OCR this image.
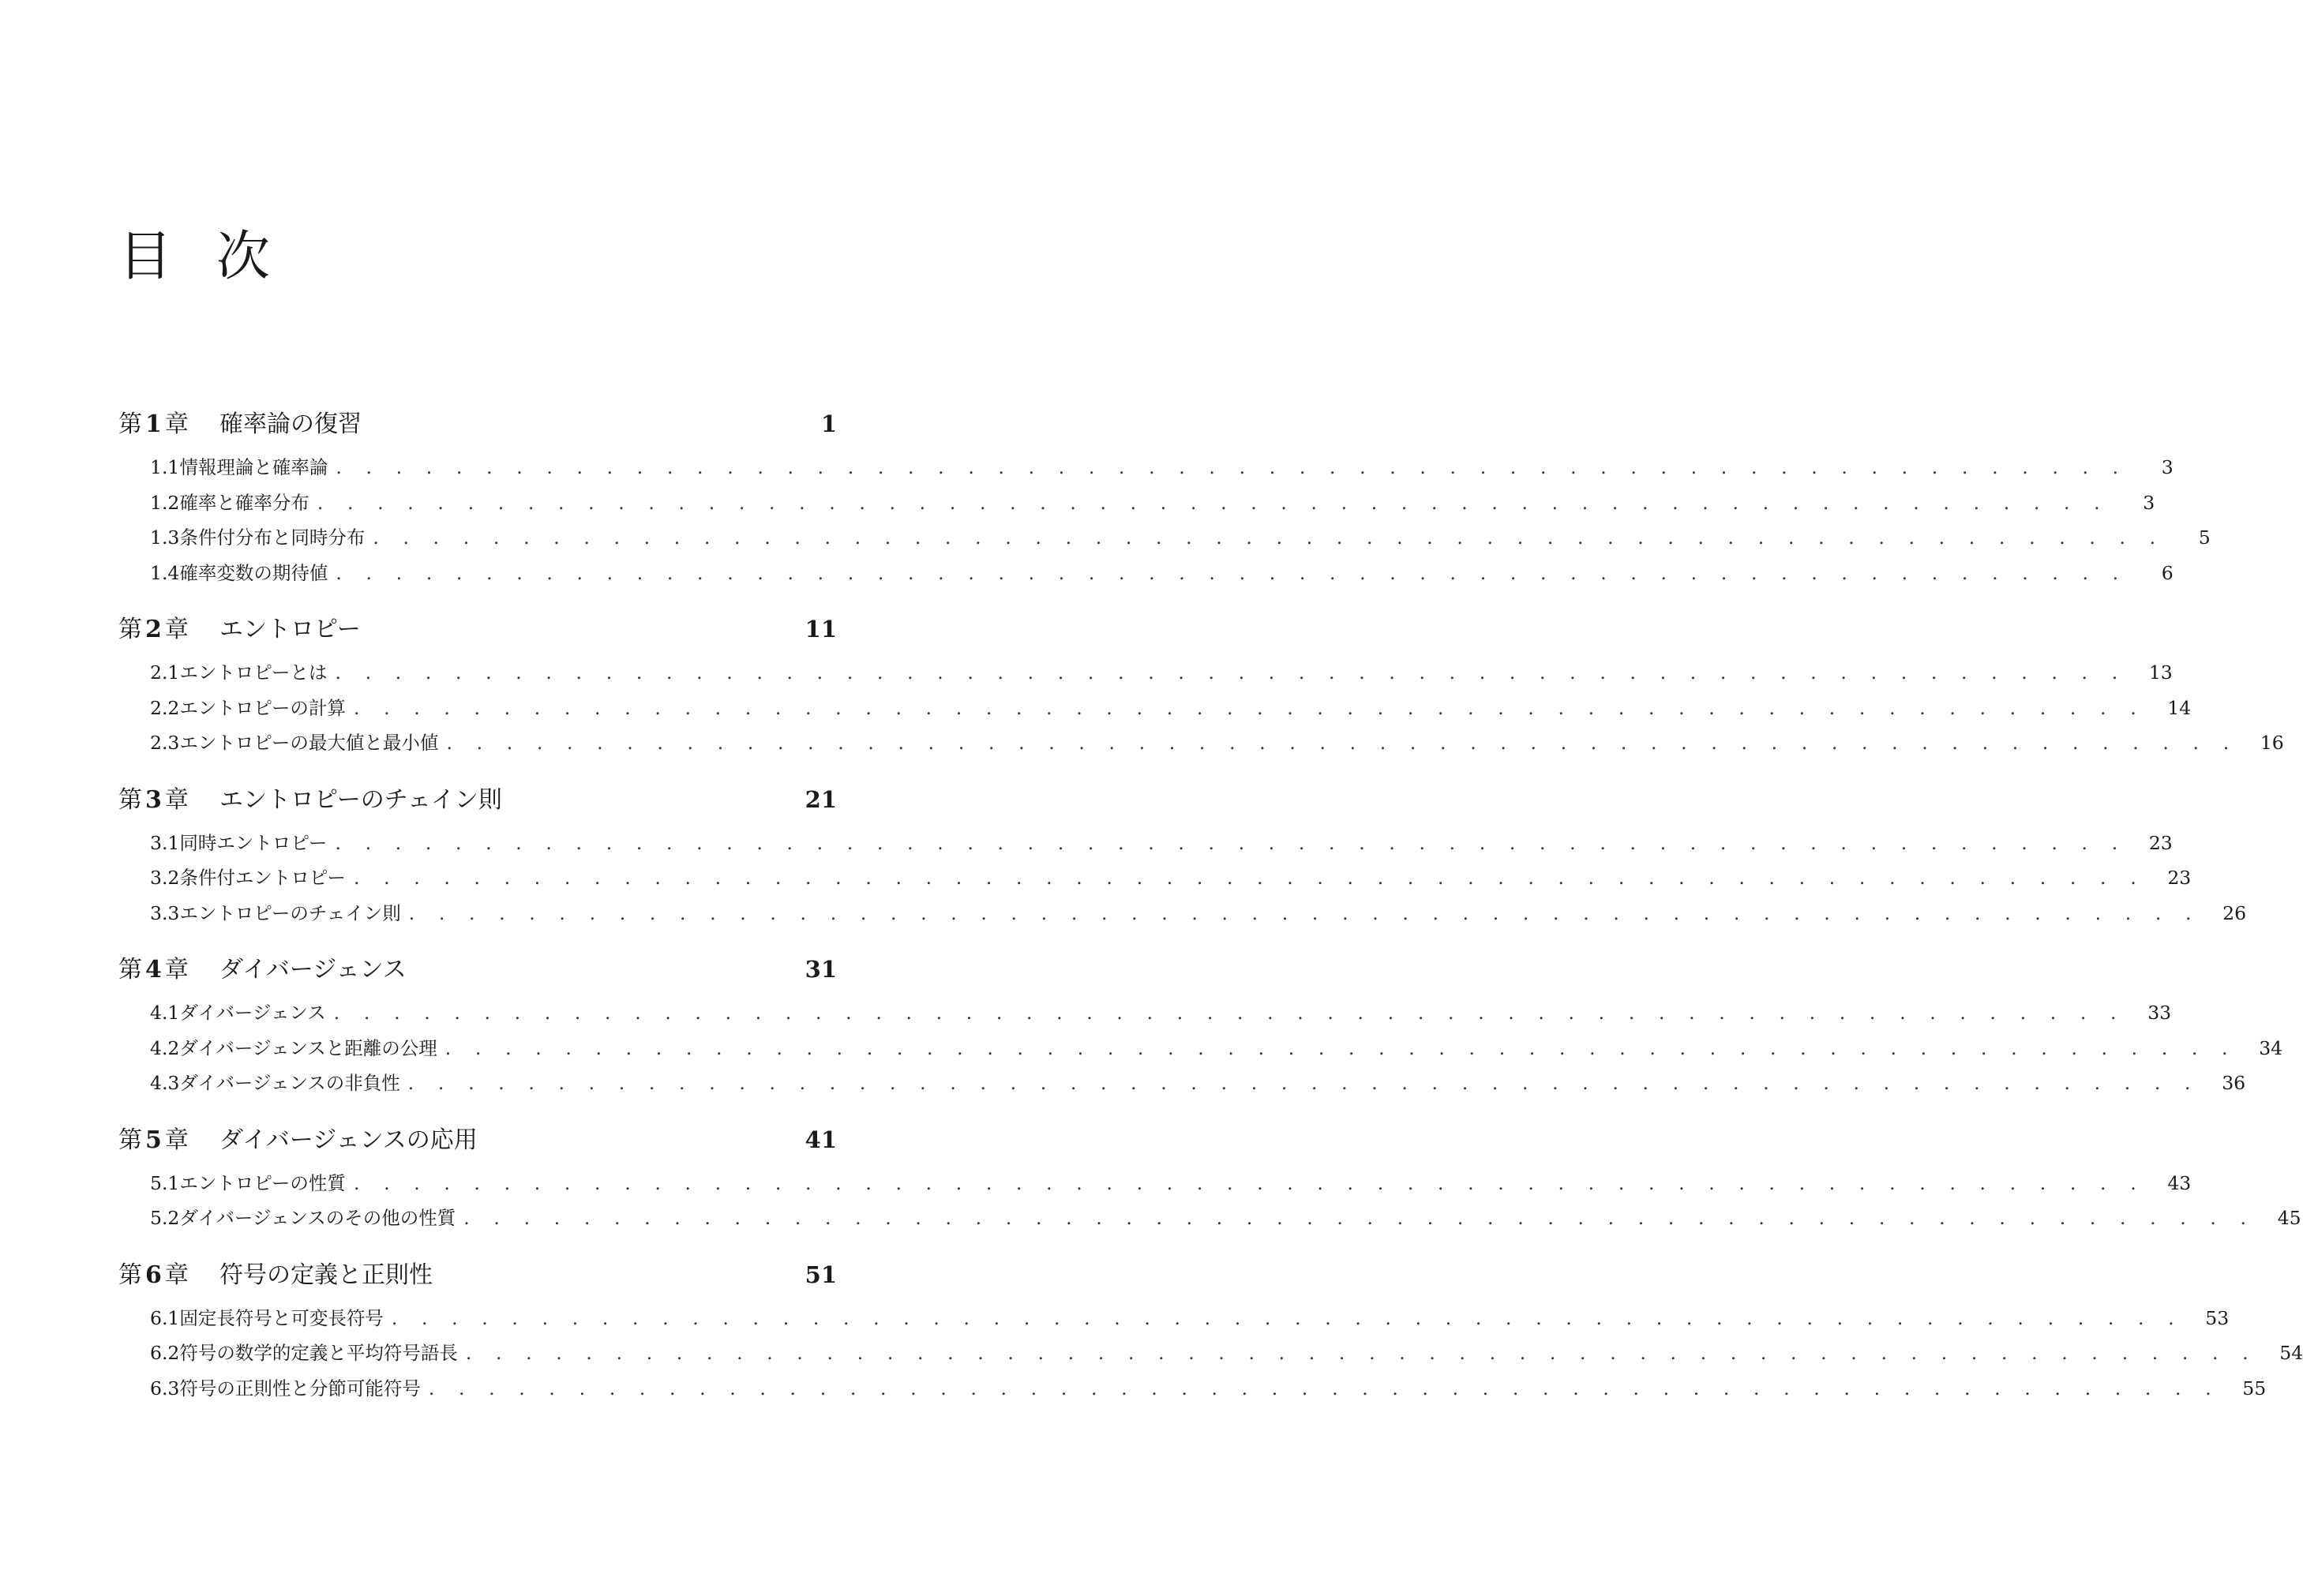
目次
第 1 章	確率論の復習	1
1.1 情報理論と確率論 . . . . . . . . . . . . . . . . . . . . . . . . . . . . . . . . . . . . . . . . . . . . . . . . . . . . . . . . . . . .	3
1.2 確率と確率分布 . . . . . . . . . . . . . . . . . . . . . . . . . . . . . . . . . . . . . . . . . . . . . . . . . . . . . . . . . . . .	3
1.3 条件付分布と同時分布 . . . . . . . . . . . . . . . . . . . . . . . . . . . . . . . . . . . . . . . . . . . . . . . . . . . . . . . . . . . .	5
1.4 確率変数の期待値 . . . . . . . . . . . . . . . . . . . . . . . . . . . . . . . . . . . . . . . . . . . . . . . . . . . . . . . . . . . .	6
第 2 章	エントロピー	11
2.1 エントロピーとは . . . . . . . . . . . . . . . . . . . . . . . . . . . . . . . . . . . . . . . . . . . . . . . . . . . . . . . . . . . .	13
2.2 エントロピーの計算 . . . . . . . . . . . . . . . . . . . . . . . . . . . . . . . . . . . . . . . . . . . . . . . . . . . . . . . . . . . .	14
2.3 エントロピーの最大値と最小値 . . . . . . . . . . . . . . . . . . . . . . . . . . . . . . . . . . . . . . . . . . . . . . . . . . . . . . . . . . . .	16
第 3 章	エントロピーのチェイン則	21
3.1 同時エントロピー . . . . . . . . . . . . . . . . . . . . . . . . . . . . . . . . . . . . . . . . . . . . . . . . . . . . . . . . . . . .	23
3.2 条件付エントロピー . . . . . . . . . . . . . . . . . . . . . . . . . . . . . . . . . . . . . . . . . . . . . . . . . . . . . . . . . . . .	23
3.3 エントロピーのチェイン則 . . . . . . . . . . . . . . . . . . . . . . . . . . . . . . . . . . . . . . . . . . . . . . . . . . . . . . . . . . . .	26
第 4 章	ダイバージェンス	31
4.1 ダイバージェンス . . . . . . . . . . . . . . . . . . . . . . . . . . . . . . . . . . . . . . . . . . . . . . . . . . . . . . . . . . . .	33
4.2 ダイバージェンスと距離の公理 . . . . . . . . . . . . . . . . . . . . . . . . . . . . . . . . . . . . . . . . . . . . . . . . . . . . . . . . . . . .	34
4.3 ダイバージェンスの非負性 . . . . . . . . . . . . . . . . . . . . . . . . . . . . . . . . . . . . . . . . . . . . . . . . . . . . . . . . . . . .	36
第 5 章	ダイバージェンスの応用	41
5.1 エントロピーの性質 . . . . . . . . . . . . . . . . . . . . . . . . . . . . . . . . . . . . . . . . . . . . . . . . . . . . . . . . . . . .	43
5.2 ダイバージェンスのその他の性質 . . . . . . . . . . . . . . . . . . . . . . . . . . . . . . . . . . . . . . . . . . . . . . . . . . . . . . . . . . . .	45
第 6 章	符号の定義と正則性	51
6.1 固定長符号と可変長符号 . . . . . . . . . . . . . . . . . . . . . . . . . . . . . . . . . . . . . . . . . . . . . . . . . . . . . . . . . . . .	53
6.2 符号の数学的定義と平均符号語長 . . . . . . . . . . . . . . . . . . . . . . . . . . . . . . . . . . . . . . . . . . . . . . . . . . . . . . . . . . . .	54
6.3 符号の正則性と分節可能符号 . . . . . . . . . . . . . . . . . . . . . . . . . . . . . . . . . . . . . . . . . . . . . . . . . . . . . . . . . . . .	55
